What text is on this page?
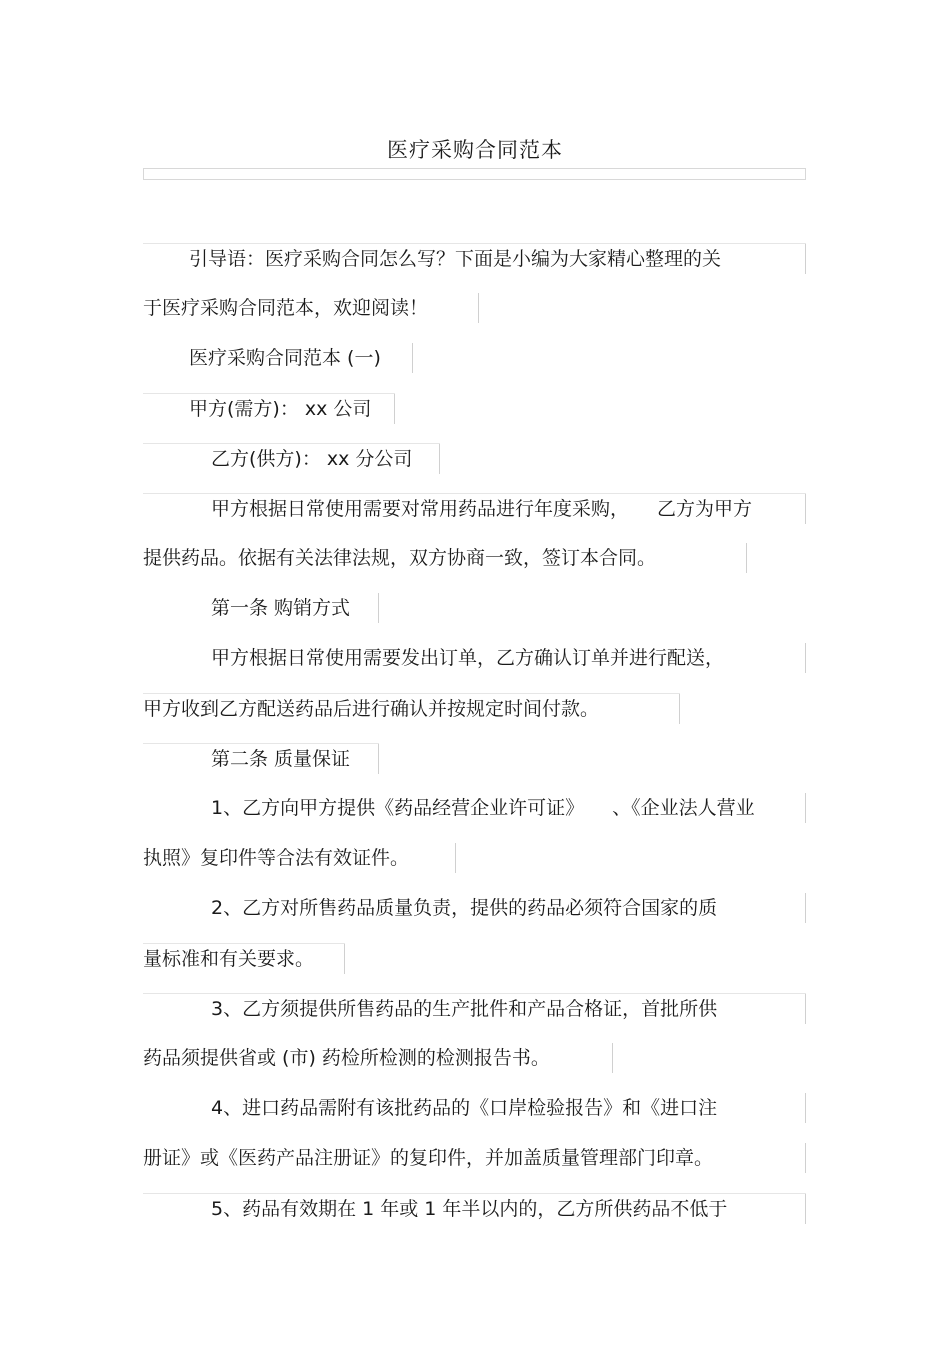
医疗采购合同范本
引导语：医疗采购合同怎么写？下面是小编为大家精心整理的关
于医疗采购合同范本，欢迎阅读！
医疗采购合同范本 (一)
甲方(需方)： xx 公司
乙方(供方)： xx 分公司
甲方根据日常使用需要对常用药品进行年度采购， 乙方为甲方
提供药品。依据有关法律法规，双方协商一致，签订本合同。
第一条 购销方式
甲方根据日常使用需要发出订单，乙方确认订单并进行配送，
甲方收到乙方配送药品后进行确认并按规定时间付款。
第二条 质量保证
1、乙方向甲方提供《药品经营企业许可证》 、《企业法人营业
执照》复印件等合法有效证件。
2、乙方对所售药品质量负责，提供的药品必须符合国家的质
量标准和有关要求。
3、乙方须提供所售药品的生产批件和产品合格证，首批所供
药品须提供省或 (市) 药检所检测的检测报告书。
4、进口药品需附有该批药品的《口岸检验报告》和《进口注
册证》或《医药产品注册证》的复印件，并加盖质量管理部门印章。
5、药品有效期在 1 年或 1 年半以内的，乙方所供药品不低于
